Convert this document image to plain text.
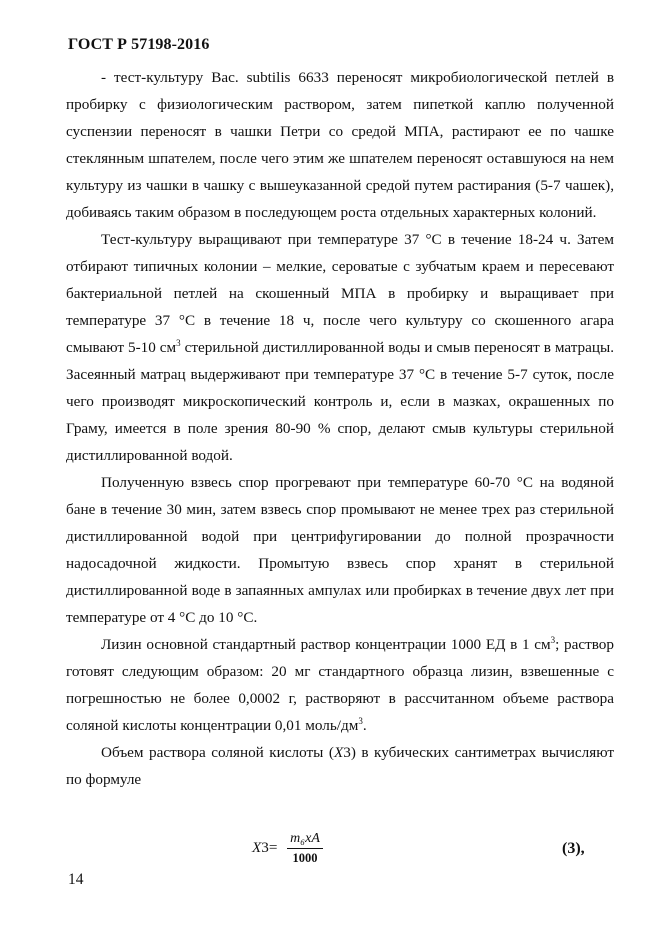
ГОСТ Р 57198-2016

- тест-культуру Bac. subtilis 6633 переносят микробиологической петлей в пробирку с физиологическим раствором, затем пипеткой каплю полученной суспензии переносят в чашки Петри со средой МПА, растирают ее по чашке стеклянным шпателем, после чего этим же шпателем переносят оставшуюся на нем культуру из чашки в чашку с вышеуказанной средой путем растирания (5-7 чашек), добиваясь таким образом в последующем роста отдельных характерных колоний.

Тест-культуру выращивают при температуре 37 °С в течение 18-24 ч. Затем отбирают типичных колонии – мелкие, сероватые с зубчатым краем и пересевают бактериальной петлей на скошенный МПА в пробирку и выращивает при температуре 37 °С в течение 18 ч, после чего культуру со скошенного агара смывают 5-10 $см^3$ стерильной дистиллированной воды и смыв переносят в матрацы. Засеянный матрац выдерживают при температуре 37 °С в течение 5-7 суток, после чего производят микроскопический контроль и, если в мазках, окрашенных по Граму, имеется в поле зрения 80-90 % спор, делают смыв культуры стерильной дистиллированной водой.

Полученную взвесь спор прогревают при температуре 60-70 °С на водяной бане в течение 30 мин, затем взвесь спор промывают не менее трех раз стерильной дистиллированной водой при центрифугировании до полной прозрачности надосадочной жидкости. Промытую взвесь спор хранят в стерильной дистиллированной воде в запаянных ампулах или пробирках в течение двух лет при температуре от 4 °С до 10 °С.

Лизин основной стандартный раствор концентрации 1000 ЕД в 1 $см^3$; раствор готовят следующим образом: 20 мг стандартного образца лизин, взвешенные с погрешностью не более 0,0002 г, растворяют в рассчитанном объеме раствора соляной кислоты концентрации 0,01 моль/$дм^3$.

Объем раствора соляной кислоты (X3) в кубических сантиметрах вычисляют по формуле

X3=
m₆xA
1000
(3),
14
